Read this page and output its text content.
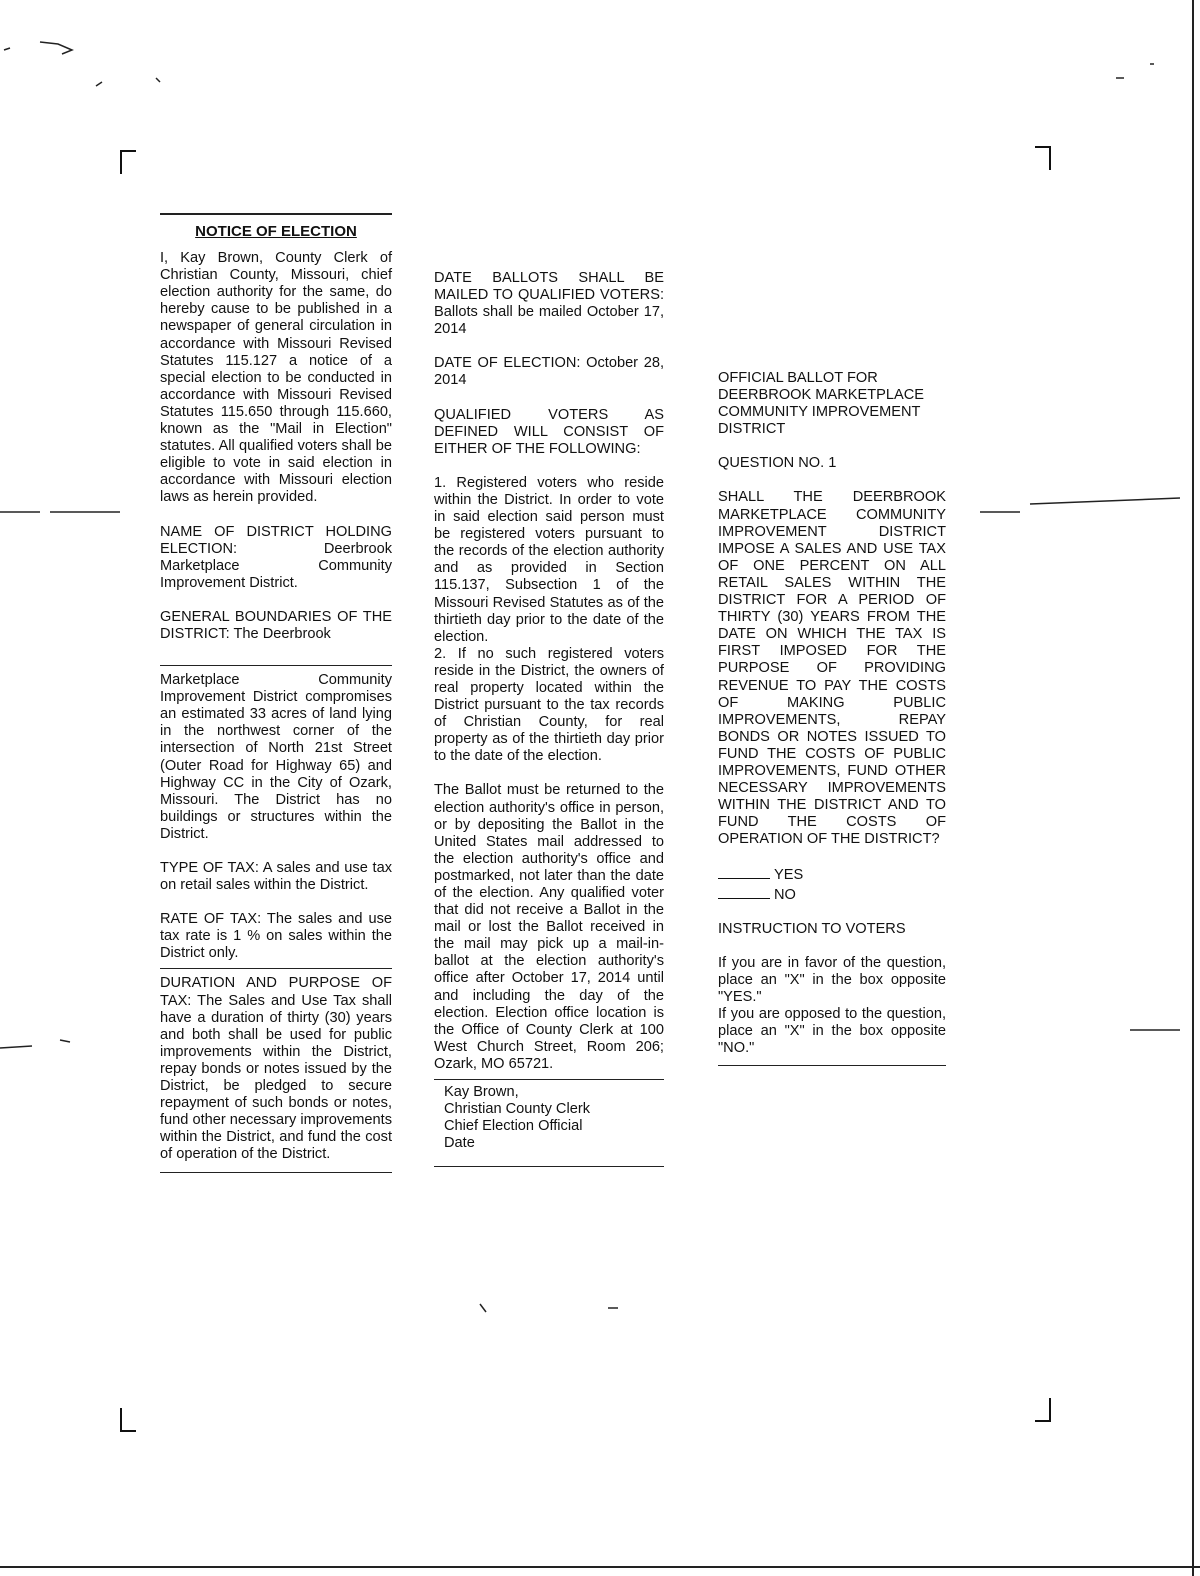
NOTICE OF ELECTION

I, Kay Brown, County Clerk of Christian County, Missouri, chief election authority for the same, do hereby cause to be published in a newspaper of general circulation in accordance with Missouri Revised Statutes 115.127 a notice of a special election to be conducted in accordance with Missouri Revised Statutes 115.650 through 115.660, known as the "Mail in Election" statutes. All qualified voters shall be eligible to vote in said election in accordance with Missouri election laws as herein provided.

NAME OF DISTRICT HOLDING ELECTION: Deerbrook Marketplace Community Improvement District.

GENERAL BOUNDARIES OF THE DISTRICT: The Deerbrook

Marketplace Community Improvement District compromises an estimated 33 acres of land lying in the northwest corner of the intersection of North 21st Street (Outer Road for Highway 65) and Highway CC in the City of Ozark, Missouri. The District has no buildings or structures within the District.

TYPE OF TAX: A sales and use tax on retail sales within the District.

RATE OF TAX: The sales and use tax rate is 1 % on sales within the District only.

DURATION AND PURPOSE OF TAX: The Sales and Use Tax shall have a duration of thirty (30) years and both shall be used for public improvements within the District, repay bonds or notes issued by the District, be pledged to secure repayment of such bonds or notes, fund other necessary improvements within the District, and fund the cost of operation of the District.

DATE BALLOTS SHALL BE MAILED TO QUALIFIED VOTERS: Ballots shall be mailed October 17, 2014

DATE OF ELECTION: October 28, 2014

QUALIFIED VOTERS AS DEFINED WILL CONSIST OF EITHER OF THE FOLLOWING:

1. Registered voters who reside within the District. In order to vote in said election said person must be registered voters pursuant to the records of the election authority and as provided in Section 115.137, Subsection 1 of the Missouri Revised Statutes as of the thirtieth day prior to the date of the election.

2. If no such registered voters reside in the District, the owners of real property located within the District pursuant to the tax records of Christian County, for real property as of the thirtieth day prior to the date of the election.

The Ballot must be returned to the election authority's office in person, or by depositing the Ballot in the United States mail addressed to the election authority's office and postmarked, not later than the date of the election. Any qualified voter that did not receive a Ballot in the mail or lost the Ballot received in the mail may pick up a mail-in-ballot at the election authority's office after October 17, 2014 until and including the day of the election. Election office location is the Office of County Clerk at 100 West Church Street, Room 206; Ozark, MO 65721.

Kay Brown,
Christian County Clerk
Chief Election Official
Date

OFFICIAL BALLOT FOR DEERBROOK MARKETPLACE COMMUNITY IMPROVEMENT DISTRICT

QUESTION NO. 1

SHALL THE DEERBROOK MARKETPLACE COMMUNITY IMPROVEMENT DISTRICT IMPOSE A SALES AND USE TAX OF ONE PERCENT ON ALL RETAIL SALES WITHIN THE DISTRICT FOR A PERIOD OF THIRTY (30) YEARS FROM THE DATE ON WHICH THE TAX IS FIRST IMPOSED FOR THE PURPOSE OF PROVIDING REVENUE TO PAY THE COSTS OF MAKING PUBLIC IMPROVEMENTS, REPAY BONDS OR NOTES ISSUED TO FUND THE COSTS OF PUBLIC IMPROVEMENTS, FUND OTHER NECESSARY IMPROVEMENTS WITHIN THE DISTRICT AND TO FUND THE COSTS OF OPERATION OF THE DISTRICT?

YES
NO

INSTRUCTION TO VOTERS

If you are in favor of the question, place an "X" in the box opposite "YES."

If you are opposed to the question, place an "X" in the box opposite "NO."
